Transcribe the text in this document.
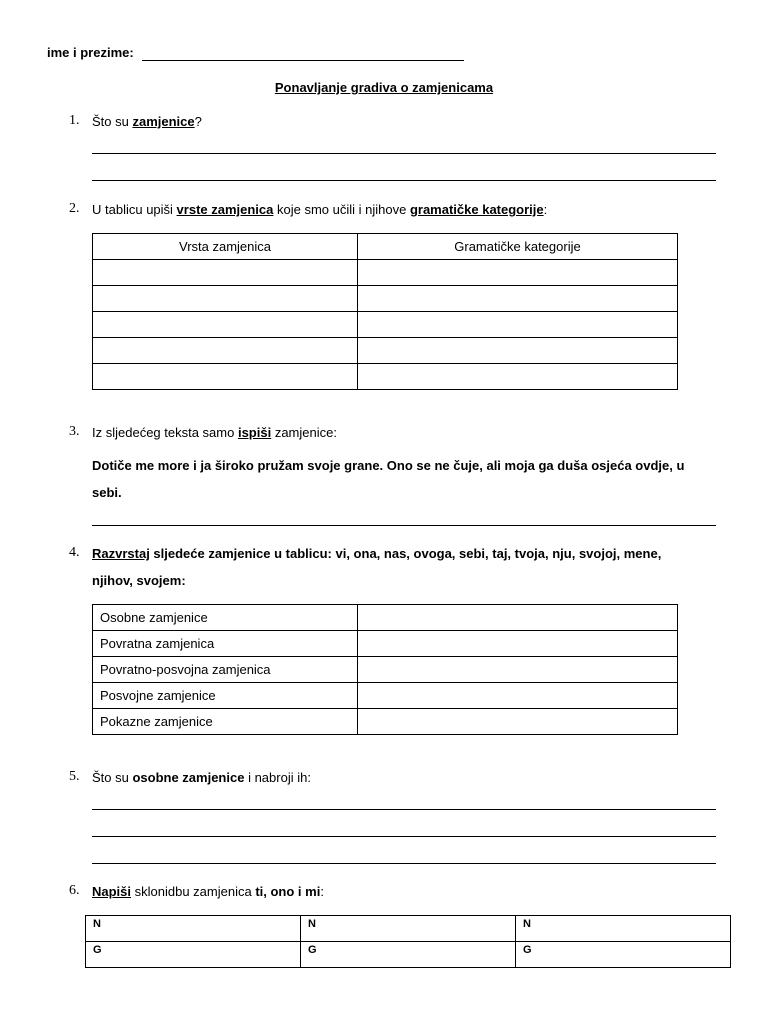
ime i prezime:
Ponavljanje gradiva o zamjenicama
1. Što su zamjenice?
2. U tablicu upiši vrste zamjenica koje smo učili i njihove gramatičke kategorije:
Vrsta zamjenica	Gramatičke kategorije

3. Iz sljedećeg teksta samo ispiši zamjenice:
Dotiče me more i ja široko pružam svoje grane. Ono se ne čuje, ali moja ga duša osjeća ovdje, u
sebi.
4. Razvrstaj sljedeće zamjenice u tablicu: vi, ona, nas, ovoga, sebi, taj, tvoja, nju, svojoj, mene,
njihov, svojem:
Osobne zamjenice	
Povratna zamjenica	
Povratno-posvojna zamjenica	
Posvojne zamjenice	
Pokazne zamjenice	
5. Što su osobne zamjenice i nabroji ih:
6. Napiši sklonidbu zamjenica ti, ono i mi:
N	N	N
G	G	G
